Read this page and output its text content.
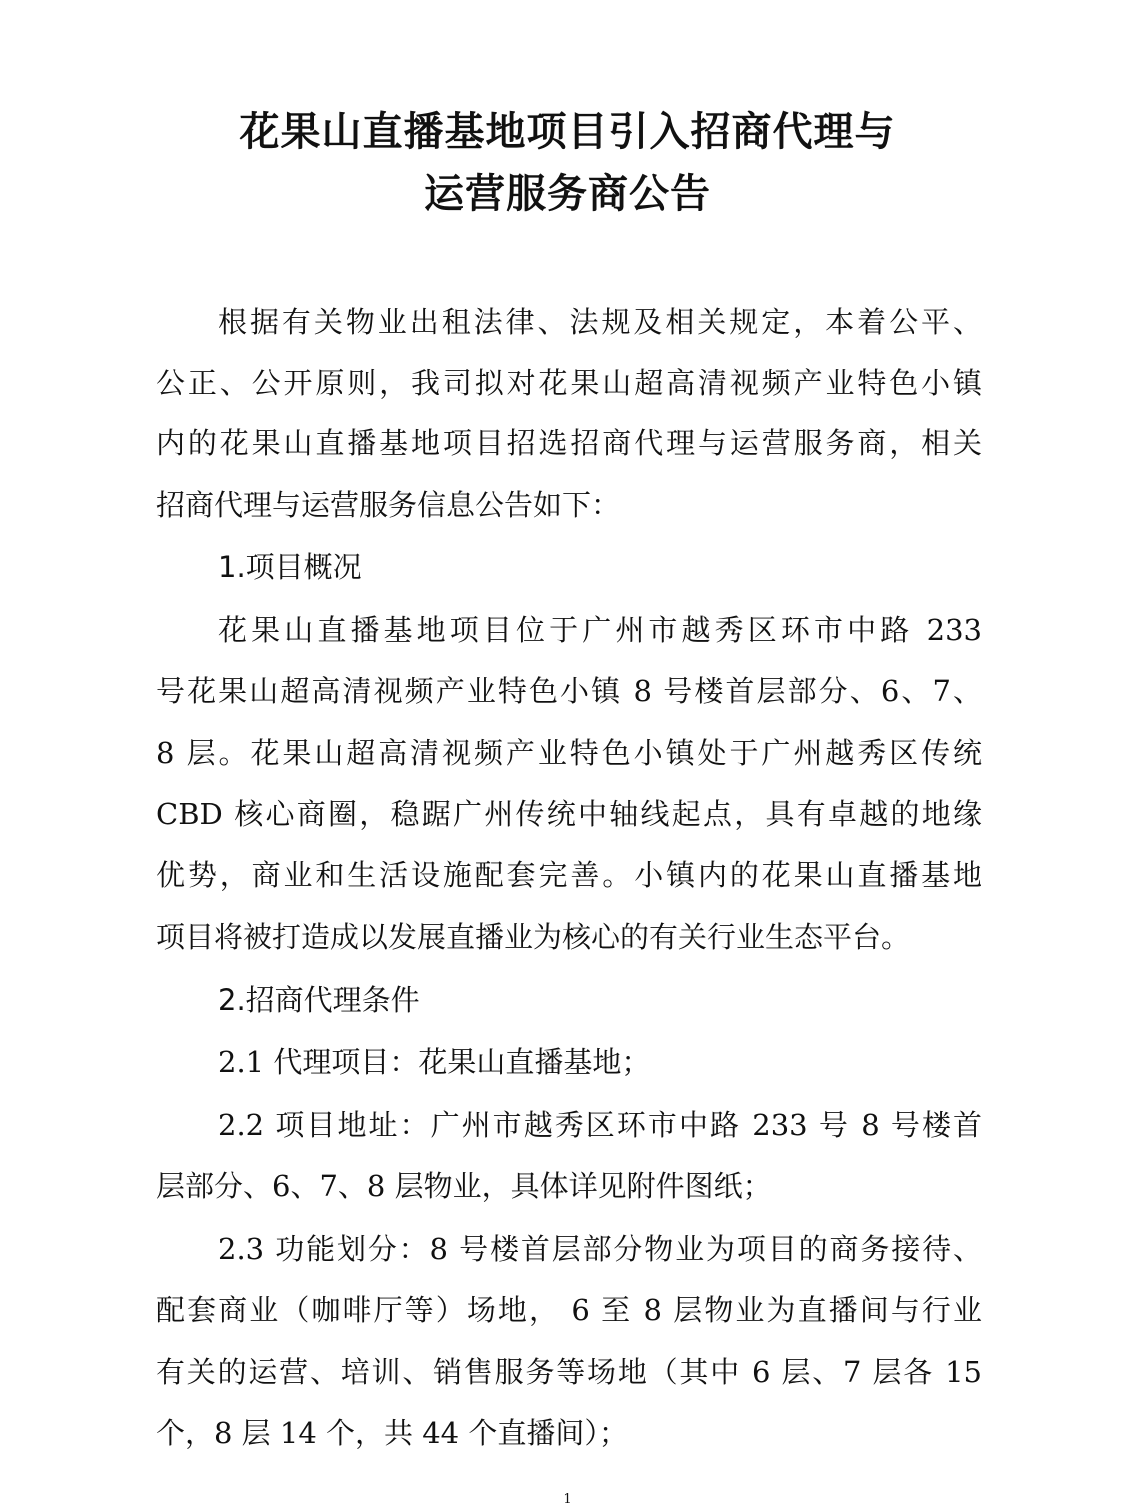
花果山直播基地项目引入招商代理与
运营服务商公告
根据有关物业出租法律、法规及相关规定，本着公平、
公正、公开原则，我司拟对花果山超高清视频产业特色小镇
内的花果山直播基地项目招选招商代理与运营服务商，相关
招商代理与运营服务信息公告如下：
1.项目概况
花果山直播基地项目位于广州市越秀区环市中路 233
号花果山超高清视频产业特色小镇 8 号楼首层部分、6、7、
8 层。花果山超高清视频产业特色小镇处于广州越秀区传统
CBD 核心商圈，稳踞广州传统中轴线起点，具有卓越的地缘
优势，商业和生活设施配套完善。小镇内的花果山直播基地
项目将被打造成以发展直播业为核心的有关行业生态平台。
2.招商代理条件
2.1 代理项目：花果山直播基地；
2.2 项目地址：广州市越秀区环市中路 233 号 8 号楼首
层部分、6、7、8 层物业，具体详见附件图纸；
2.3 功能划分：8 号楼首层部分物业为项目的商务接待、
配套商业（咖啡厅等）场地， 6 至 8 层物业为直播间与行业
有关的运营、培训、销售服务等场地（其中 6 层、7 层各 15
个，8 层 14 个，共 44 个直播间）；
1
